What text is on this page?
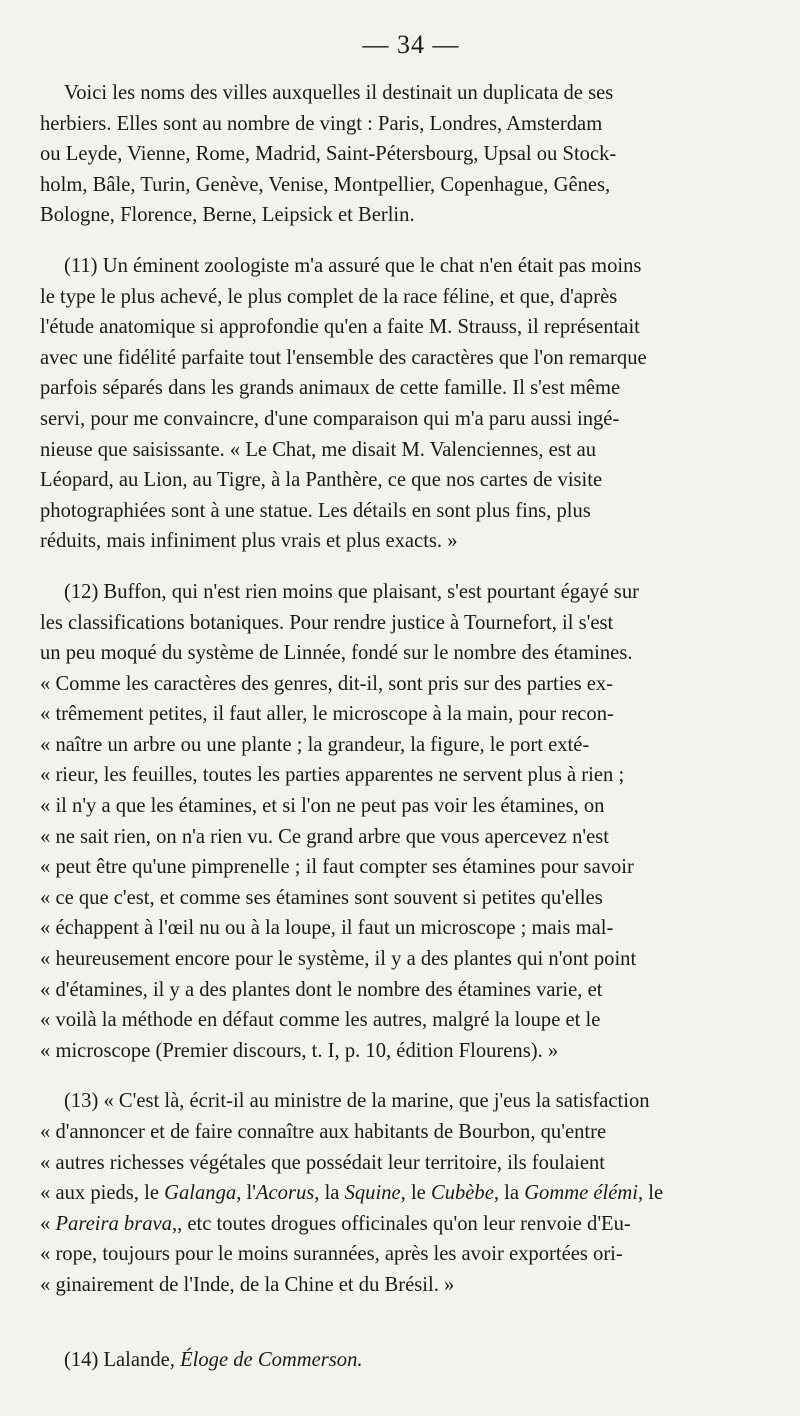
— 34 —
Voici les noms des villes auxquelles il destinait un duplicata de ses
herbiers. Elles sont au nombre de vingt : Paris, Londres, Amsterdam
ou Leyde, Vienne, Rome, Madrid, Saint-Pétersbourg, Upsal ou Stock-
holm, Bâle, Turin, Genève, Venise, Montpellier, Copenhague, Gênes,
Bologne, Florence, Berne, Leipsick et Berlin.
(11) Un éminent zoologiste m'a assuré que le chat n'en était pas moins
le type le plus achevé, le plus complet de la race féline, et que, d'après
l'étude anatomique si approfondie qu'en a faite M. Strauss, il représentait
avec une fidélité parfaite tout l'ensemble des caractères que l'on remarque
parfois séparés dans les grands animaux de cette famille. Il s'est même
servi, pour me convaincre, d'une comparaison qui m'a paru aussi ingé-
nieuse que saisissante. « Le Chat, me disait M. Valenciennes, est au
Léopard, au Lion, au Tigre, à la Panthère, ce que nos cartes de visite
photographiées sont à une statue. Les détails en sont plus fins, plus
réduits, mais infiniment plus vrais et plus exacts. »
(12) Buffon, qui n'est rien moins que plaisant, s'est pourtant égayé sur
les classifications botaniques. Pour rendre justice à Tournefort, il s'est
un peu moqué du système de Linnée, fondé sur le nombre des étamines.
« Comme les caractères des genres, dit-il, sont pris sur des parties ex-
« trêmement petites, il faut aller, le microscope à la main, pour recon-
« naître un arbre ou une plante ; la grandeur, la figure, le port exté-
« rieur, les feuilles, toutes les parties apparentes ne servent plus à rien ;
« il n'y a que les étamines, et si l'on ne peut pas voir les étamines, on
« ne sait rien, on n'a rien vu. Ce grand arbre que vous apercevez n'est
« peut être qu'une pimprenelle ; il faut compter ses étamines pour savoir
« ce que c'est, et comme ses étamines sont souvent si petites qu'elles
« échappent à l'œil nu ou à la loupe, il faut un microscope ; mais mal-
« heureusement encore pour le système, il y a des plantes qui n'ont point
« d'étamines, il y a des plantes dont le nombre des étamines varie, et
« voilà la méthode en défaut comme les autres, malgré la loupe et le
« microscope (Premier discours, t. I, p. 10, édition Flourens). »
(13) « C'est là, écrit-il au ministre de la marine, que j'eus la satisfaction
« d'annoncer et de faire connaître aux habitants de Bourbon, qu'entre
« autres richesses végétales que possédait leur territoire, ils foulaient
« aux pieds, le Galanga, l'Acorus, la Squine, le Cubèbe, la Gomme élémi, le
« Pareira brava,, etc toutes drogues officinales qu'on leur renvoie d'Eu-
« rope, toujours pour le moins surannées, après les avoir exportées ori-
« ginairement de l'Inde, de la Chine et du Brésil. »
(14) Lalande, Éloge de Commerson.
